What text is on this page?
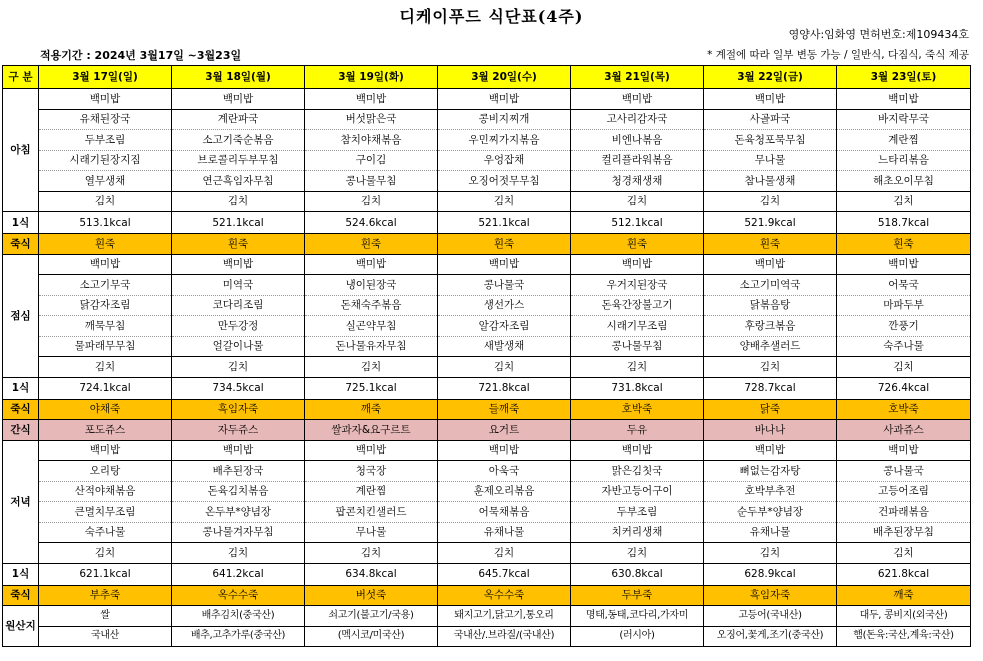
디케이푸드 식단표(4주)
영양사:임화영 면허번호:제109434호
적용기간 : 2024년 3월17일 ~3월23일	* 계절에 따라 일부 변동 가능 / 일반식, 다짐식, 죽식 제공
구 분	3월 17일(일)	3월 18일(월)	3월 19일(화)	3월 20일(수)	3월 21일(목)	3월 22일(금)	3월 23일(토)
아침	백미밥	백미밥	백미밥	백미밥	백미밥	백미밥	백미밥
	유채된장국	계란파국	버섯맑은국	콩비지찌개	고사리감자국	사골파국	바지락무국
	두부조림	소고기죽순볶음	참치야채볶음	우민찌가지볶음	비엔나볶음	돈육청포묵무침	계란찜
	시래기된장지짐	브로콜리두부무침	구이김	우엉잡채	컬리플라워볶음	무나물	느타리볶음
	열무생채	연근흑임자무침	콩나물무침	오징어젓무무침	청경채생채	참나물생채	해초오이무침
	김치	김치	김치	김치	김치	김치	김치
1식	513.1kcal	521.1kcal	524.6kcal	521.1kcal	512.1kcal	521.9kcal	518.7kcal
죽식	흰죽	흰죽	흰죽	흰죽	흰죽	흰죽	흰죽
점심	백미밥	백미밥	백미밥	백미밥	백미밥	백미밥	백미밥
	소고기무국	미역국	냉이된장국	콩나물국	우거지된장국	소고기미역국	어묵국
	닭감자조림	코다리조림	돈채숙주볶음	생선가스	돈육간장불고기	닭볶음탕	마파두부
	깨묵무침	만두강정	실곤약무침	알감자조림	시래기무조림	후랑크볶음	깐풍기
	물파래무무침	얼갈이나물	돈나물유자무침	새발생채	콩나물무침	양배추샐러드	숙주나물
	김치	김치	김치	김치	김치	김치	김치
1식	724.1kcal	734.5kcal	725.1kcal	721.8kcal	731.8kcal	728.7kcal	726.4kcal
죽식	야채죽	흑임자죽	깨죽	들깨죽	호박죽	닭죽	호박죽
간식	포도쥬스	자두쥬스	쌀과자&요구르트	요거트	두유	바나나	사과쥬스
저녁	백미밥	백미밥	백미밥	백미밥	백미밥	백미밥	백미밥
	오리탕	배추된장국	청국장	아욱국	맑은김칫국	뼈없는감자탕	콩나물국
	산적야채볶음	돈육김치볶음	계란찜	훈제오리볶음	자반고등어구이	호박부추전	고등어조림
	큰멸치무조림	온두부*양념장	팝콘치킨샐러드	어묵채볶음	두부조림	순두부*양념장	건파래볶음
	숙주나물	콩나물겨자무침	무나물	유채나물	치커리생채	유채나물	배추된장무침
	김치	김치	김치	김치	김치	김치	김치
1식	621.1kcal	641.2kcal	634.8kcal	645.7kcal	630.8kcal	628.9kcal	621.8kcal
죽식	부추죽	옥수수죽	버섯죽	옥수수죽	두부죽	흑임자죽	깨죽
원산지	쌀	배추김치(중국산)	쇠고기(불고기/국용)	돼지고기,닭고기,통오리	명태,동태,코다리,가자미	고등어(국내산)	대두, 콩비지(외국산)
	국내산	배추,고추가루(중국산)	(멕시코/미국산)	국내산/.브라질/(국내산)	(러시아)	오징어,꽃게,조기(중국산)	햄(돈육:국산,계육:국산)
